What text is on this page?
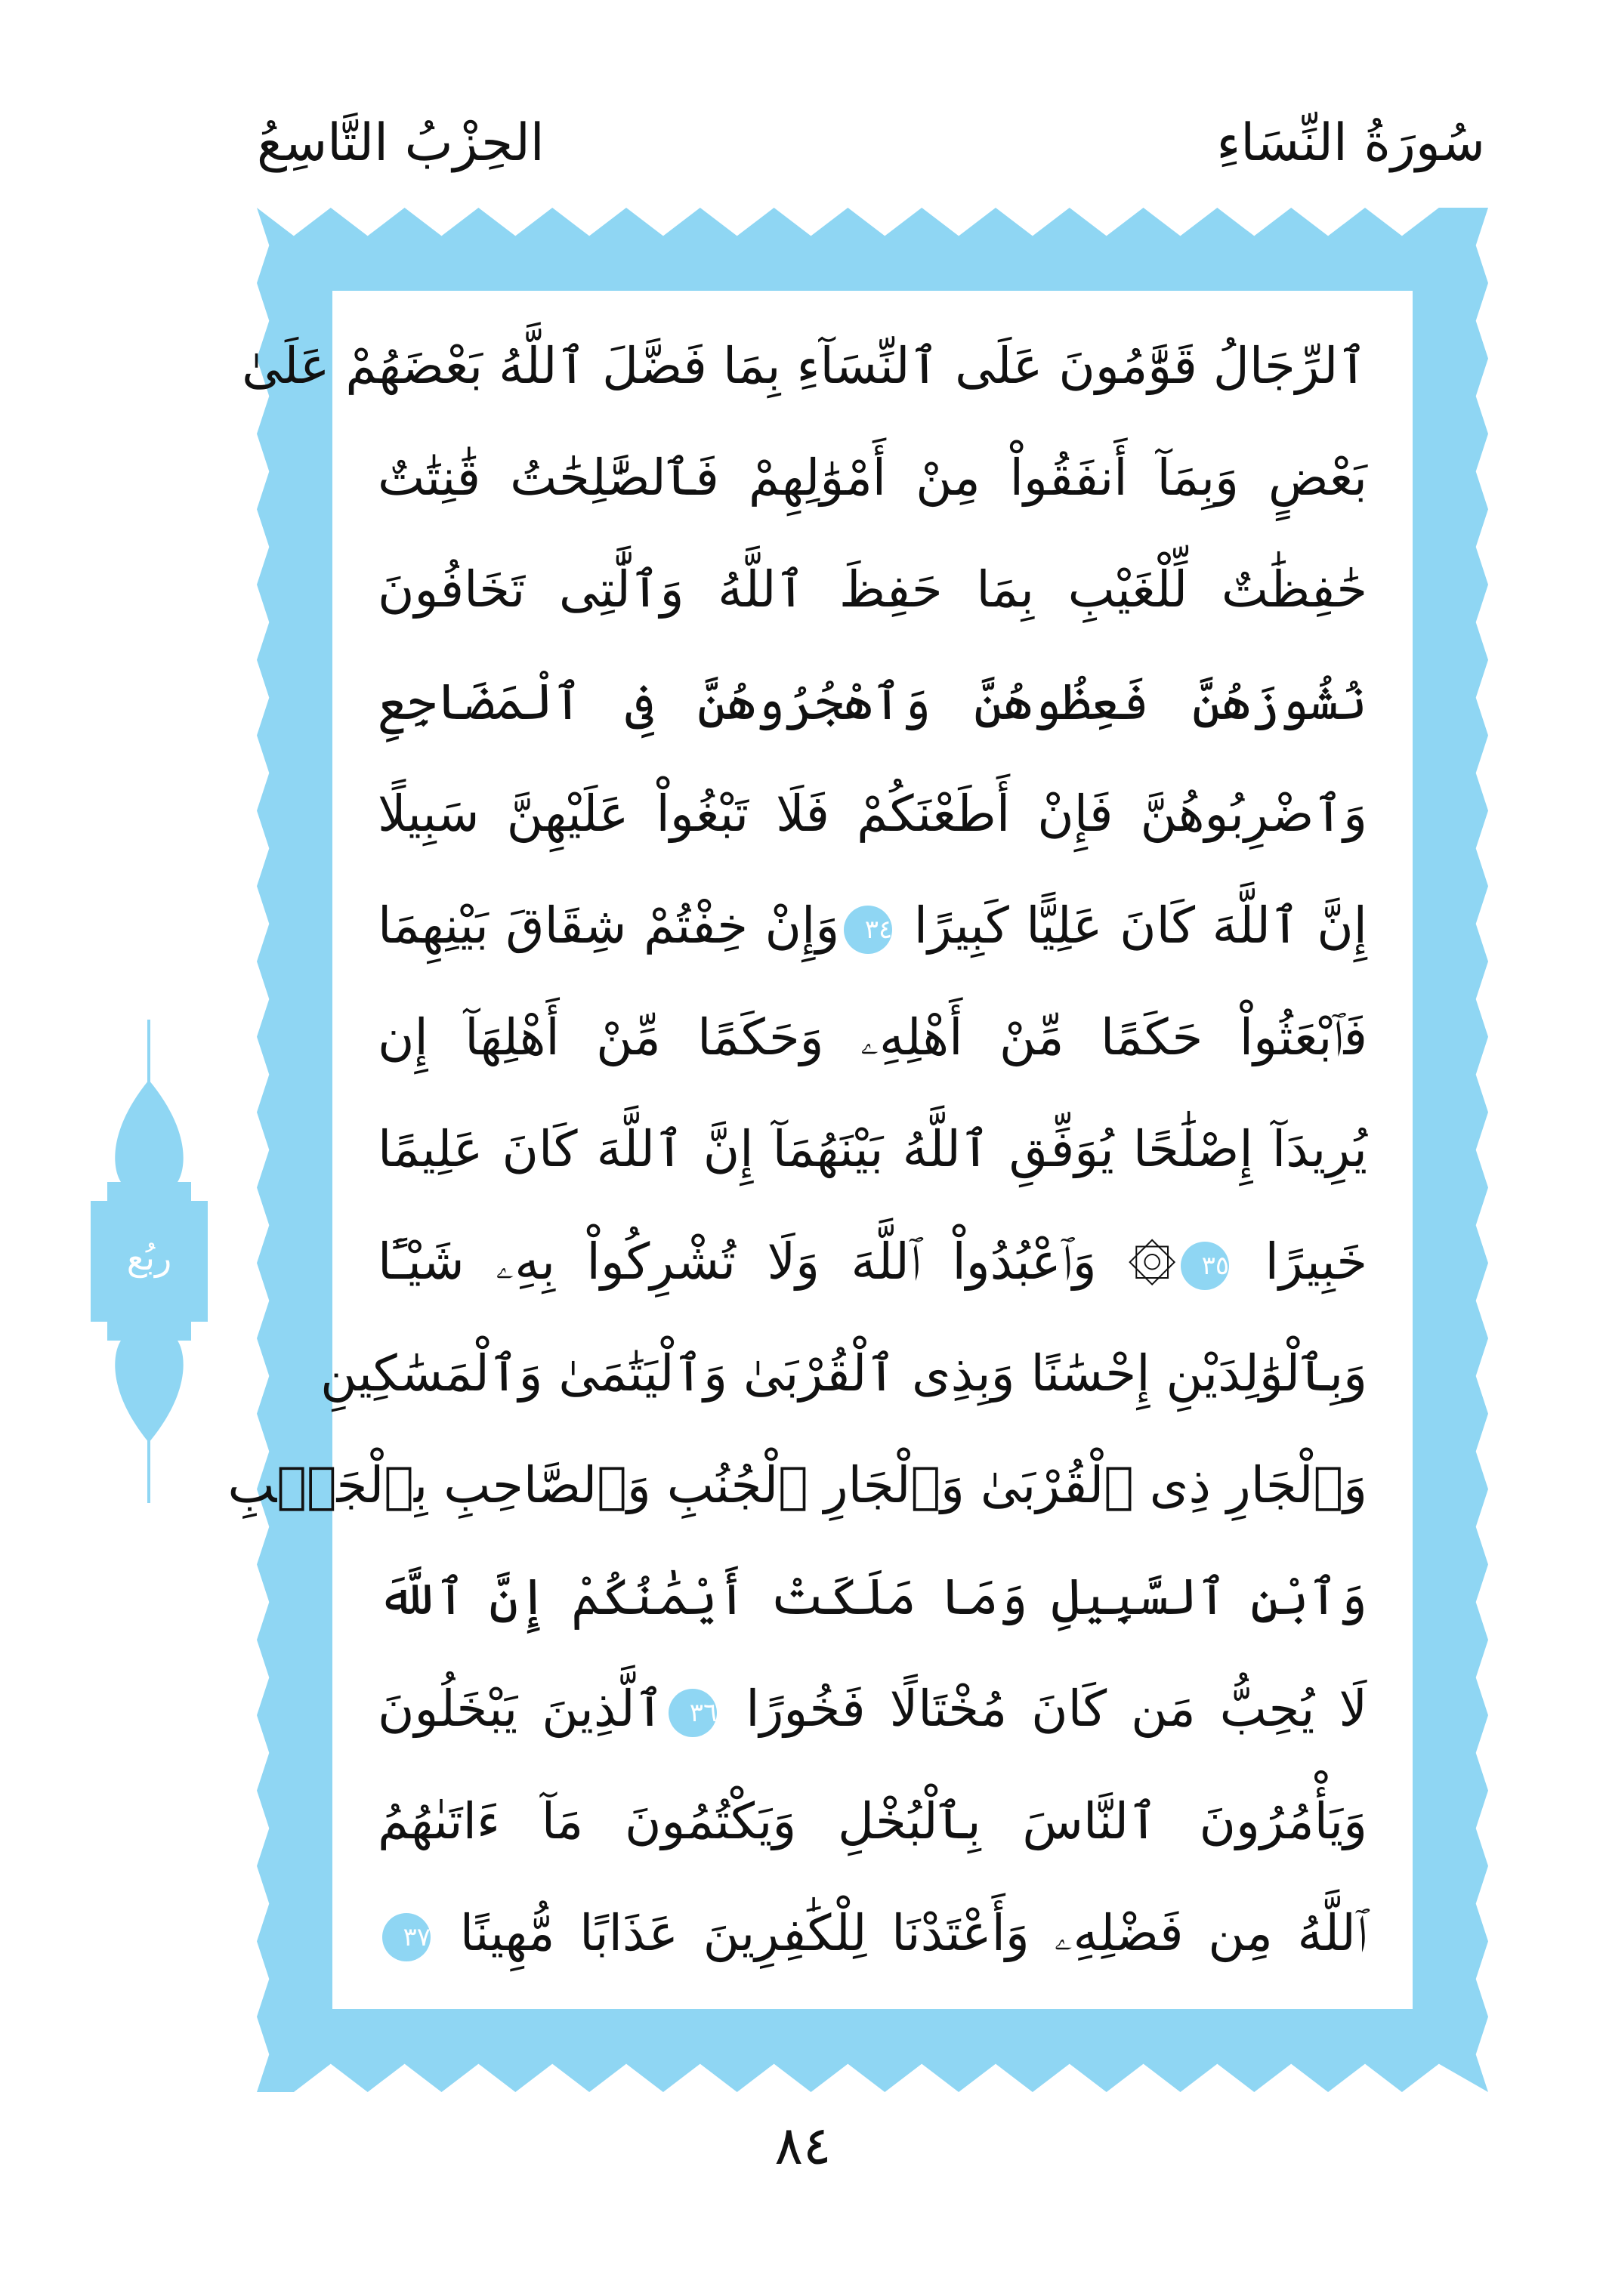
سُورَةُ النِّسَاءِ
الحِزْبُ التَّاسِعُ
ٱلرِّجَالُ قَوَّٰمُونَ عَلَى ٱلنِّسَآءِ بِمَا فَضَّلَ ٱللَّهُ بَعْضَهُمْ عَلَىٰ
بَعْضٍ وَبِمَآ أَنفَقُواْ مِنْ أَمْوَٰلِهِمْ فَٱلصَّٰلِحَٰتُ قَٰنِتَٰتٌ
حَٰفِظَٰتٌ لِّلْغَيْبِ بِمَا حَفِظَ ٱللَّهُ وَٱلَّٰتِى تَخَافُونَ
نُشُوزَهُنَّ فَعِظُوهُنَّ وَٱهْجُرُوهُنَّ فِى ٱلْمَضَاجِعِ
وَٱضْرِبُوهُنَّ فَإِنْ أَطَعْنَكُمْ فَلَا تَبْغُواْ عَلَيْهِنَّ سَبِيلًا
إِنَّ ٱللَّهَ كَانَ عَلِيًّا كَبِيرًا ٣٤وَإِنْ خِفْتُمْ شِقَاقَ بَيْنِهِمَا
فَٱبْعَثُواْ حَكَمًا مِّنْ أَهْلِهِۦ وَحَكَمًا مِّنْ أَهْلِهَآ إِن
يُرِيدَآ إِصْلَٰحًا يُوَفِّقِ ٱللَّهُ بَيْنَهُمَآ إِنَّ ٱللَّهَ كَانَ عَلِيمًا
خَبِيرًا ٣٥۞ وَٱعْبُدُواْ ٱللَّهَ وَلَا تُشْرِكُواْ بِهِۦ شَيْـًٔا
وَبِٱلْوَٰلِدَيْنِ إِحْسَٰنًا وَبِذِى ٱلْقُرْبَىٰ وَٱلْيَتَٰمَىٰ وَٱلْمَسَٰكِينِ
وَٱلْجَارِ ذِى ٱلْقُرْبَىٰ وَٱلْجَارِ ٱلْجُنُبِ وَٱلصَّاحِبِ بِٱلْجَنۢبِ
وَٱبْنِ ٱلسَّبِيلِ وَمَا مَلَكَتْ أَيْمَٰنُكُمْ إِنَّ ٱللَّهَ
لَا يُحِبُّ مَن كَانَ مُخْتَالًا فَخُورًا ٣٦ٱلَّذِينَ يَبْخَلُونَ
وَيَأْمُرُونَ ٱلنَّاسَ بِٱلْبُخْلِ وَيَكْتُمُونَ مَآ ءَاتَىٰهُمُ
ٱللَّهُ مِن فَضْلِهِۦ وَأَعْتَدْنَا لِلْكَٰفِرِينَ عَذَابًا مُّهِينًا ٣٧
ربُع
٨٤
